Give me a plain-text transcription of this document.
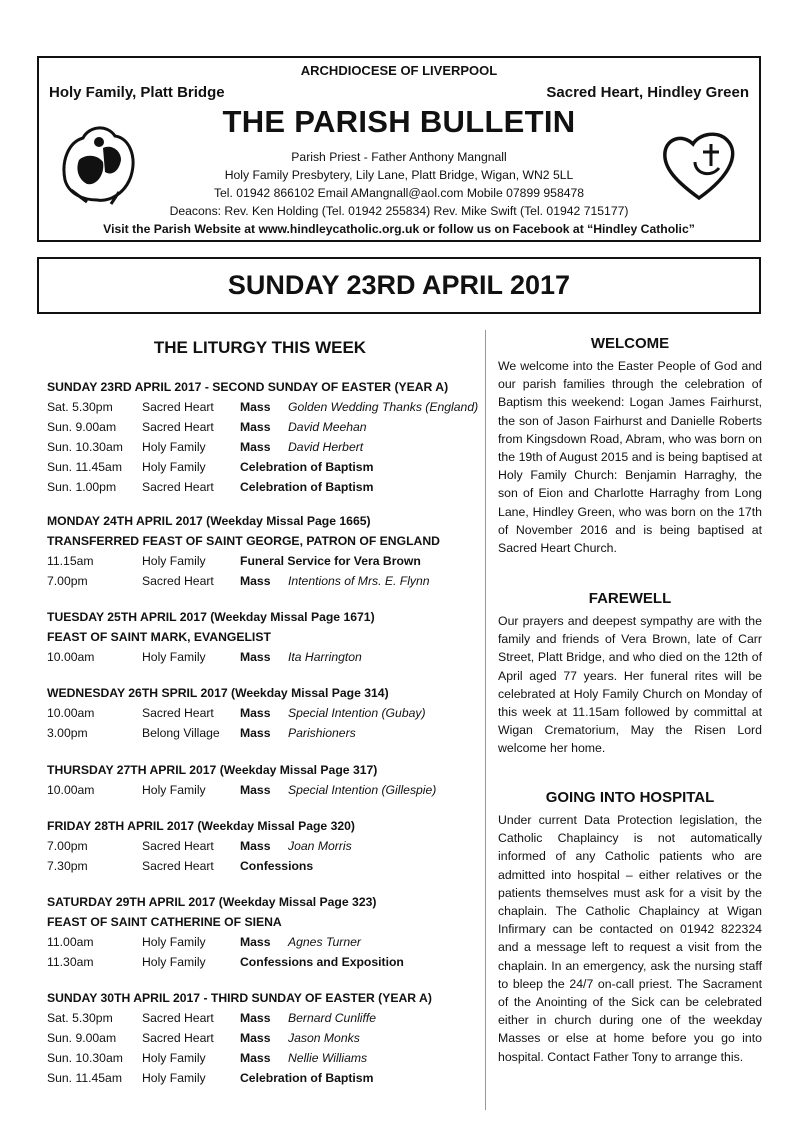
ARCHDIOCESE OF LIVERPOOL
Holy Family, Platt Bridge	Sacred Heart, Hindley Green
THE PARISH BULLETIN
Parish Priest - Father Anthony Mangnall
Holy Family Presbytery, Lily Lane, Platt Bridge, Wigan, WN2 5LL
Tel. 01942 866102 Email AMangnall@aol.com Mobile 07899 958478
Deacons: Rev. Ken Holding (Tel. 01942 255834) Rev. Mike Swift (Tel. 01942 715177)
Visit the Parish Website at www.hindleycatholic.org.uk or follow us on Facebook at “Hindley Catholic”
SUNDAY 23RD APRIL 2017
THE LITURGY THIS WEEK
SUNDAY 23RD APRIL 2017 - SECOND SUNDAY OF EASTER (YEAR A)
Sat. 5.30pm Sacred Heart Mass Golden Wedding Thanks (England)
Sun. 9.00am Sacred Heart Mass David Meehan
Sun. 10.30am Holy Family	Mass David Herbert
Sun. 11.45am Holy Family	Celebration of Baptism
Sun. 1.00pm Sacred Heart Celebration of Baptism
MONDAY 24TH APRIL 2017 (Weekday Missal Page 1665)
TRANSFERRED FEAST OF SAINT GEORGE, PATRON OF ENGLAND
11.15am	Holy Family	Funeral Service for Vera Brown
7.00pm	Sacred Heart Mass Intentions of Mrs. E. Flynn
TUESDAY 25TH APRIL 2017 (Weekday Missal Page 1671)
FEAST OF SAINT MARK, EVANGELIST
10.00am	Holy Family	Mass Ita Harrington
WEDNESDAY 26TH SPRIL 2017 (Weekday Missal Page 314)
10.00am	Sacred Heart Mass Special Intention (Gubay)
3.00pm	Belong Village Mass Parishioners
THURSDAY 27TH APRIL 2017 (Weekday Missal Page 317)
10.00am	Holy Family	Mass Special Intention (Gillespie)
FRIDAY 28TH APRIL 2017 (Weekday Missal Page 320)
7.00pm	Sacred Heart Mass Joan Morris
7.30pm	Sacred Heart Confessions
SATURDAY 29TH APRIL 2017 (Weekday Missal Page 323)
FEAST OF SAINT CATHERINE OF SIENA
11.00am	Holy Family	Mass Agnes Turner
11.30am	Holy Family	Confessions and Exposition
SUNDAY 30TH APRIL 2017 - THIRD SUNDAY OF EASTER (YEAR A)
Sat. 5.30pm Sacred Heart Mass Bernard Cunliffe
Sun. 9.00am Sacred Heart Mass Jason Monks
Sun. 10.30am Holy Family	Mass Nellie Williams
Sun. 11.45am Holy Family	Celebration of Baptism
WELCOME

We welcome into the Easter People of God and our parish families through the celebration of Baptism this weekend: Logan James Fairhurst, the son of Jason Fairhurst and Danielle Roberts from Kingsdown Road, Abram, who was born on the 19th of August 2015 and is being baptised at Holy Family Church: Benjamin Harraghy, the son of Eion and Charlotte Harraghy from Long Lane, Hindley Green, who was born on the 17th of November 2016 and is being baptised at Sacred Heart Church.

FAREWELL

Our prayers and deepest sympathy are with the family and friends of Vera Brown, late of Carr Street, Platt Bridge, and who died on the 12th of April aged 77 years. Her funeral rites will be celebrated at Holy Family Church on Monday of this week at 11.15am followed by committal at Wigan Crematorium, May the Risen Lord welcome her home.

GOING INTO HOSPITAL

Under current Data Protection legislation, the Catholic Chaplaincy is not automatically informed of any Catholic patients who are admitted into hospital – either relatives or the patients themselves must ask for a visit by the chaplain. The Catholic Chaplaincy at Wigan Infirmary can be contacted on 01942 822324 and a message left to request a visit from the chaplain. In an emergency, ask the nursing staff to bleep the 24/7 on-call priest. The Sacrament of the Anointing of the Sick can be celebrated either in church during one of the weekday Masses or else at home before you go into hospital. Contact Father Tony to arrange this.
